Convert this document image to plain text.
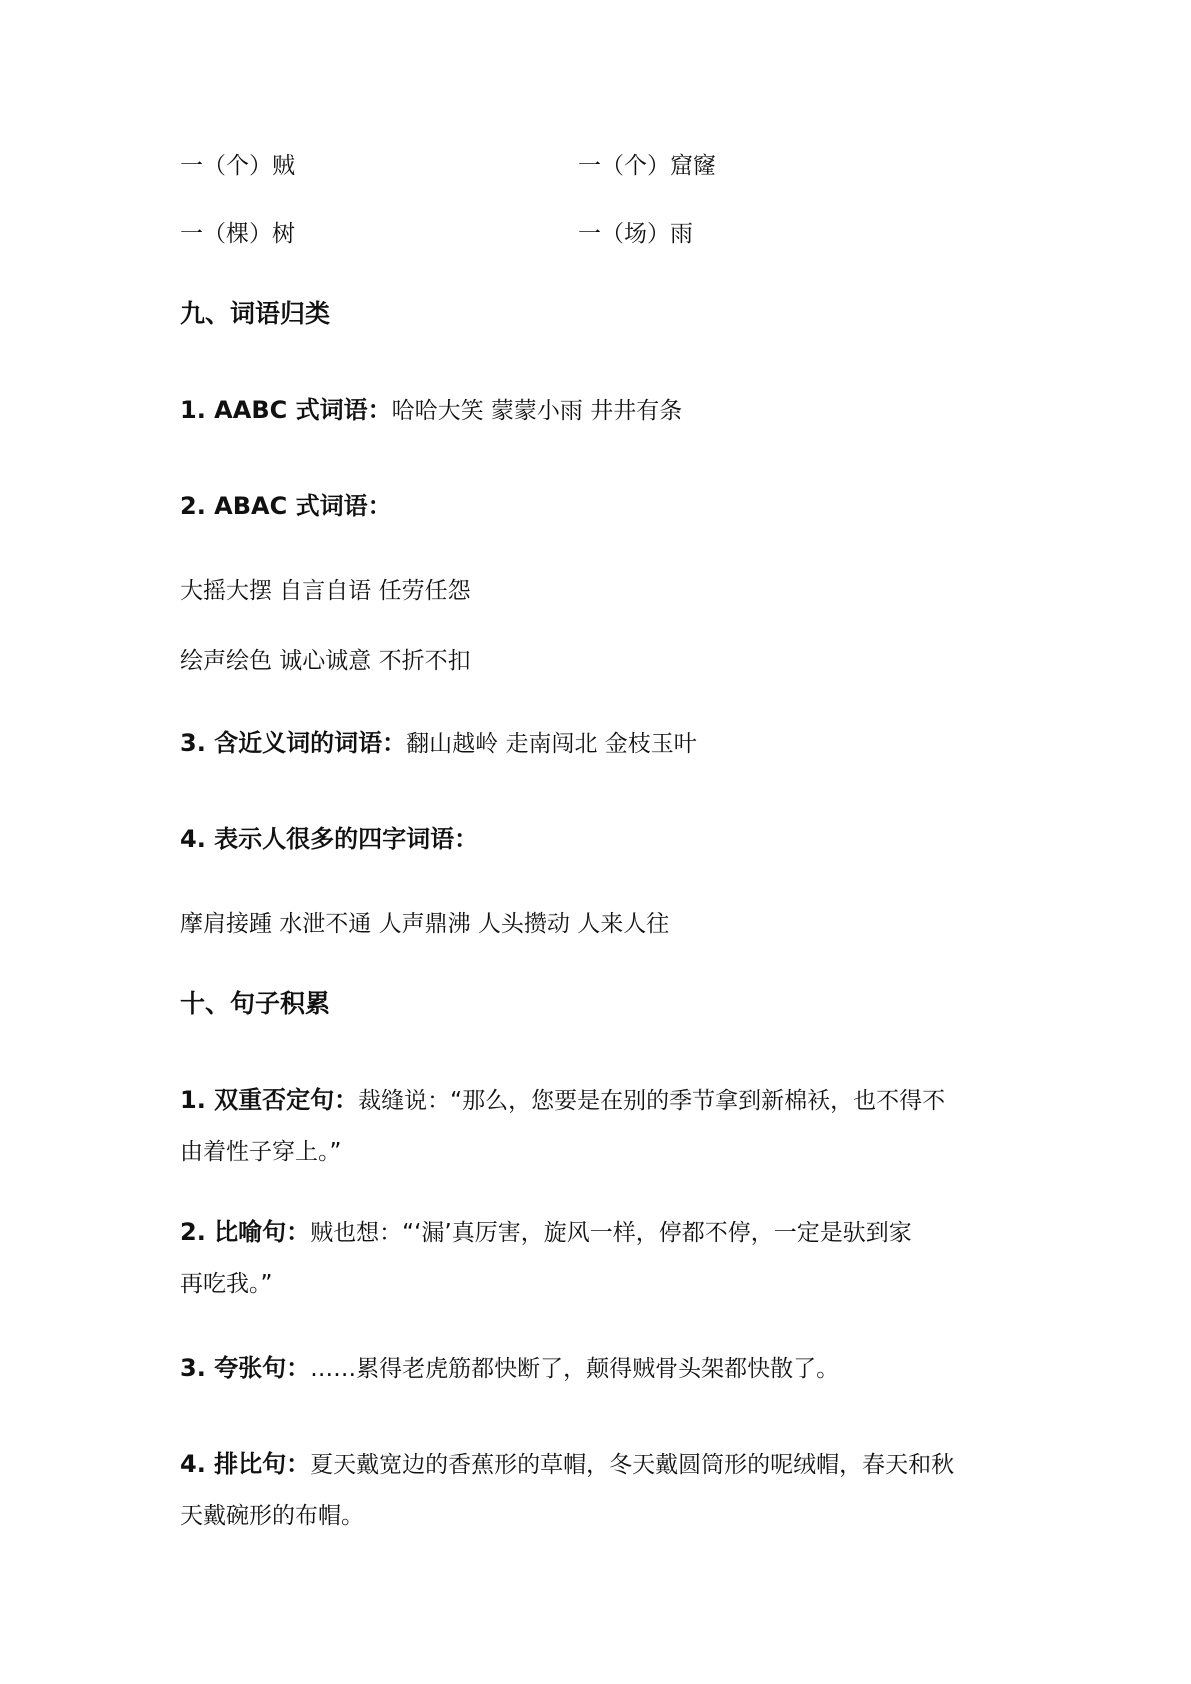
一（个）贼	一（个）窟窿
一（棵）树	一（场）雨
九、词语归类
1. AABC 式词语：哈哈大笑 蒙蒙小雨 井井有条
2. ABAC 式词语：
大摇大摆 自言自语 任劳任怨
绘声绘色 诚心诚意 不折不扣
3. 含近义词的词语：翻山越岭 走南闯北 金枝玉叶
4. 表示人很多的四字词语：
摩肩接踵 水泄不通 人声鼎沸 人头攒动 人来人往
十、句子积累
1. 双重否定句：裁缝说：“那么，您要是在别的季节拿到新棉袄，也不得不
由着性子穿上。”
2. 比喻句：贼也想：“‘漏’真厉害，旋风一样，停都不停，一定是驮到家
再吃我。”
3. 夸张句：……累得老虎筋都快断了，颠得贼骨头架都快散了。
4. 排比句：夏天戴宽边的香蕉形的草帽，冬天戴圆筒形的呢绒帽，春天和秋
天戴碗形的布帽。
